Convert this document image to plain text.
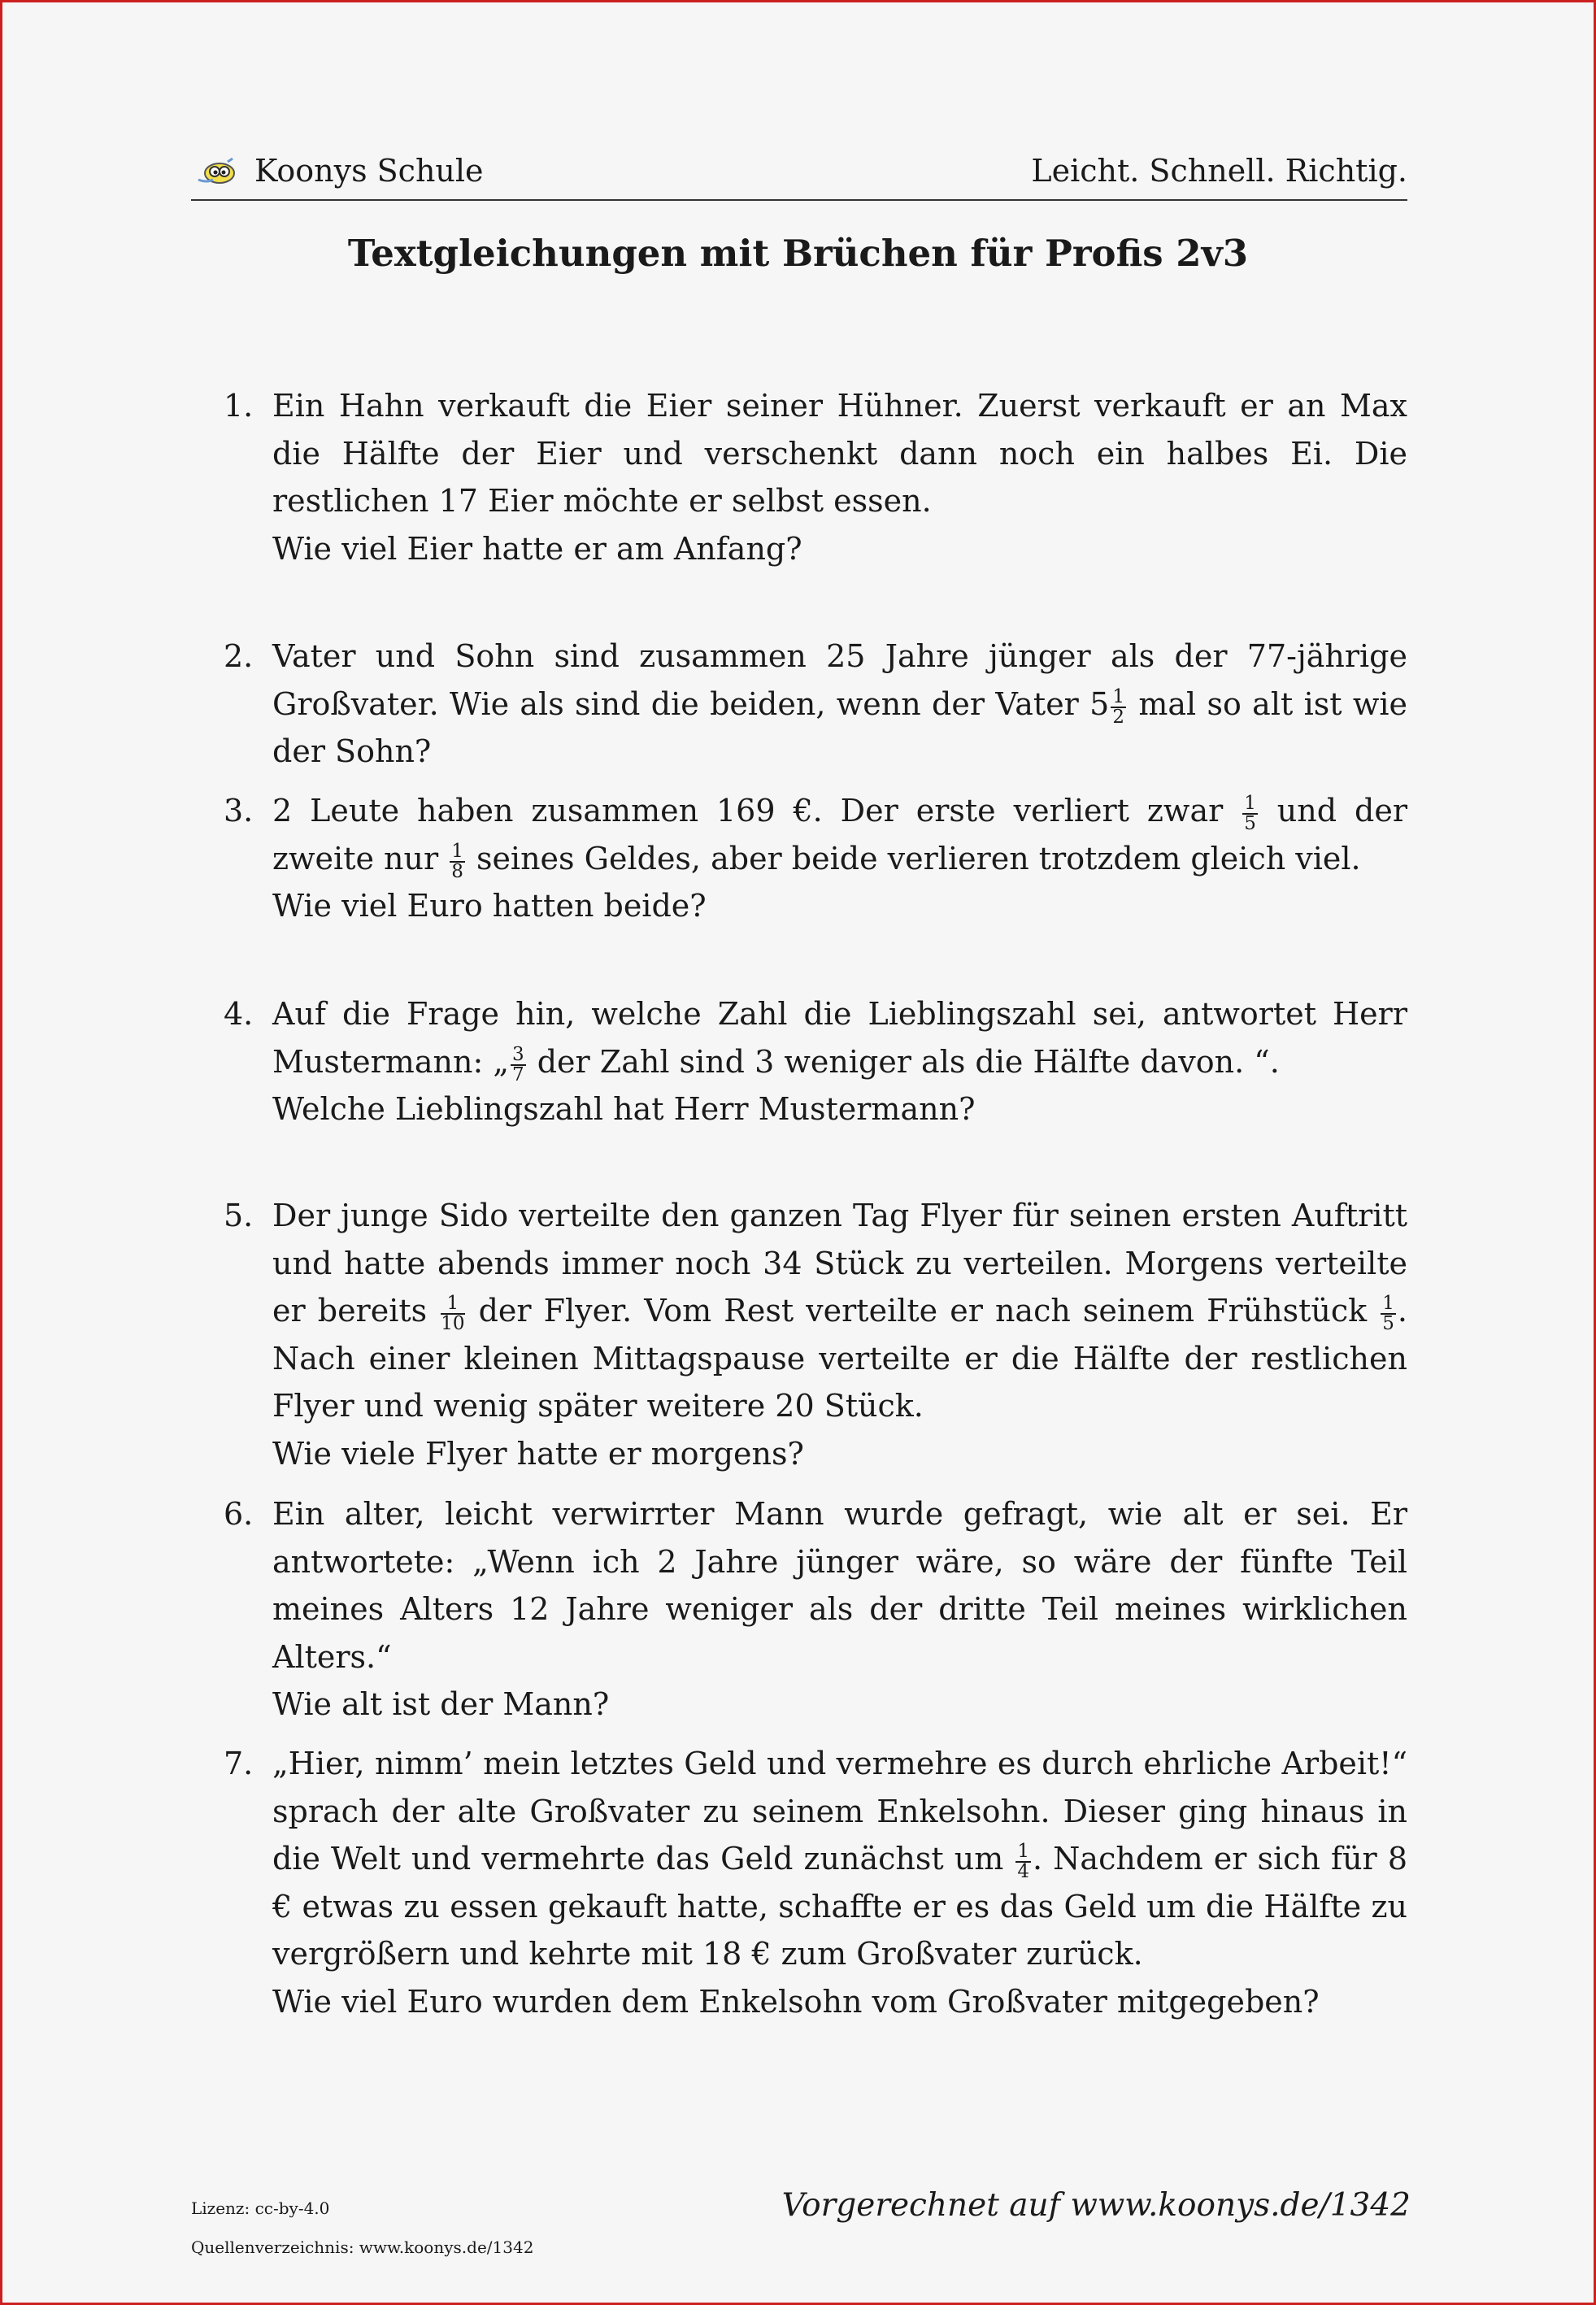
Koonys Schule	Leicht. Schnell. Richtig.
Textgleichungen mit Brüchen für Profis 2v3
1. Ein Hahn verkauft die Eier seiner Hühner. Zuerst verkauft er an Max die Hälfte der Eier und verschenkt dann noch ein halbes Ei. Die restlichen 17 Eier möchte er selbst essen.
Wie viel Eier hatte er am Anfang?
2. Vater und Sohn sind zusammen 25 Jahre jünger als der 77-jährige Großvater. Wie als sind die beiden, wenn der Vater $5 \frac{1}{2}$ mal so alt ist wie der Sohn?
3. 2 Leute haben zusammen 169 €. Der erste verliert zwar $\frac{1}{5}$ und der zweite nur $\frac{1}{8}$ seines Geldes, aber beide verlieren trotzdem gleich viel.
Wie viel Euro hatten beide?
4. Auf die Frage hin, welche Zahl die Lieblingszahl sei, antwortet Herr Mustermann: „ $\frac{3}{7}$ der Zahl sind 3 weniger als die Hälfte davon. “.
Welche Lieblingszahl hat Herr Mustermann?
5. Der junge Sido verteilte den ganzen Tag Flyer für seinen ersten Auftritt und hatte abends immer noch 34 Stück zu verteilen. Morgens verteilte er bereits $\frac{1}{10}$ der Flyer. Vom Rest verteilte er nach seinem Frühstück $\frac{1}{5}$ . Nach einer kleinen Mittagspause verteilte er die Hälfte der restlichen Flyer und wenig später weitere 20 Stück.
Wie viele Flyer hatte er morgens?
6. Ein alter, leicht verwirrter Mann wurde gefragt, wie alt er sei. Er antwortete: „Wenn ich 2 Jahre jünger wäre, so wäre der fünfte Teil meines Alters 12 Jahre weniger als der dritte Teil meines wirklichen Alters.“
Wie alt ist der Mann?
7. „Hier, nimm’ mein letztes Geld und vermehre es durch ehrliche Arbeit!“ sprach der alte Großvater zu seinem Enkelsohn. Dieser ging hinaus in die Welt und vermehrte das Geld zunächst um $\frac{1}{4}$ . Nachdem er sich für 8 € etwas zu essen gekauft hatte, schaffte er es das Geld um die Hälfte zu vergrößern und kehrte mit 18 € zum Großvater zurück.
Wie viel Euro wurden dem Enkelsohn vom Großvater mitgegeben?
Lizenz: cc-by-4.0
Quellenverzeichnis: www.koonys.de/1342
Vorgerechnet auf www.koonys.de/1342
